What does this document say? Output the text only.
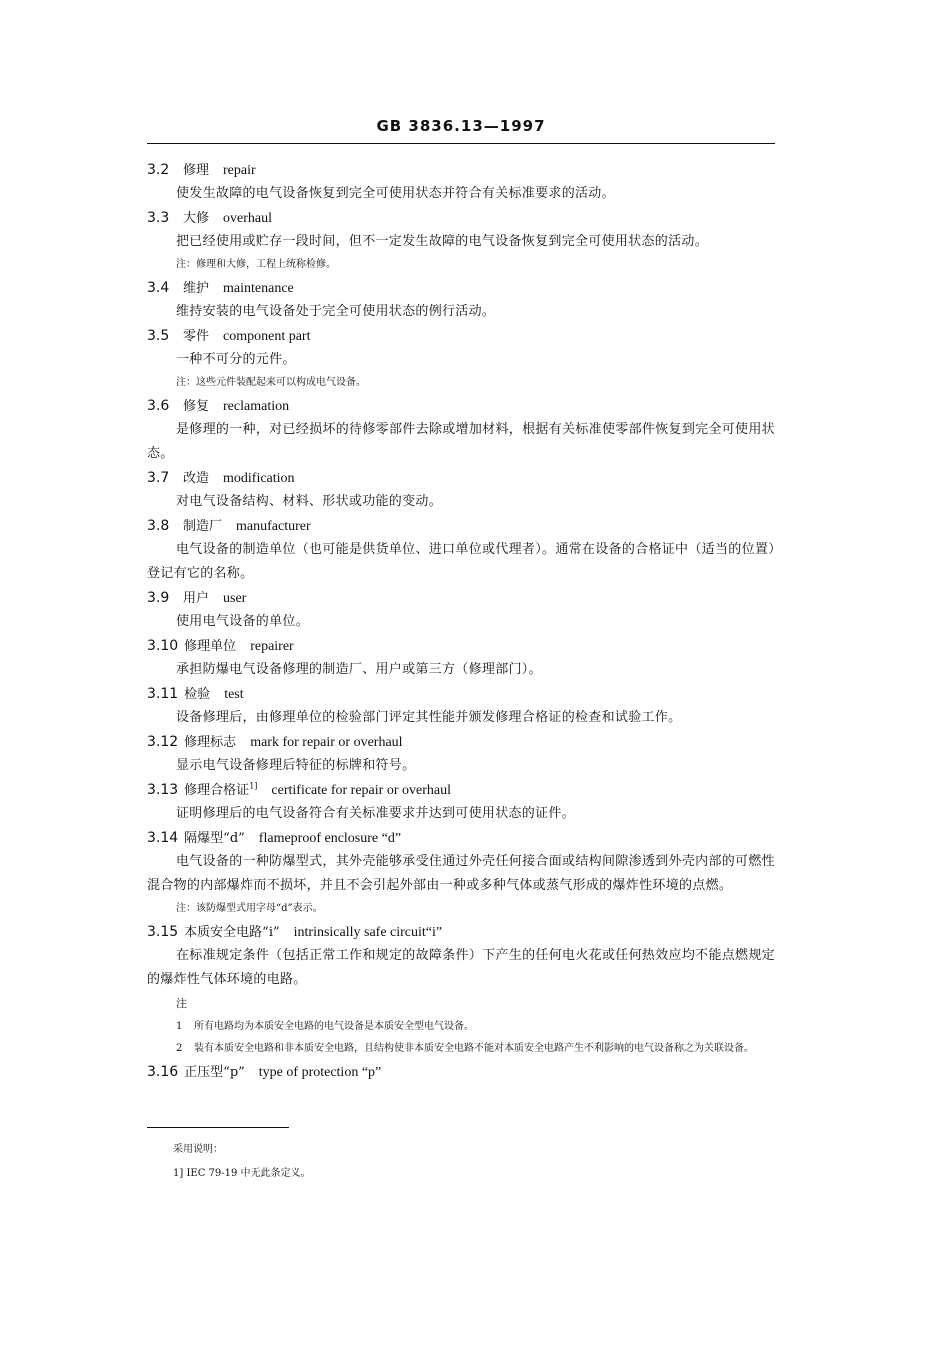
GB 3836.13—1997
3.2 修理 repair
使发生故障的电气设备恢复到完全可使用状态并符合有关标准要求的活动。
3.3 大修 overhaul
把已经使用或贮存一段时间，但不一定发生故障的电气设备恢复到完全可使用状态的活动。
注：修理和大修，工程上统称检修。
3.4 维护 maintenance
维持安装的电气设备处于完全可使用状态的例行活动。
3.5 零件 component part
一种不可分的元件。
注：这些元件装配起来可以构成电气设备。
3.6 修复 reclamation
是修理的一种，对已经损坏的待修零部件去除或增加材料，根据有关标准使零部件恢复到完全可使用状态。
3.7 改造 modification
对电气设备结构、材料、形状或功能的变动。
3.8 制造厂 manufacturer
电气设备的制造单位（也可能是供货单位、进口单位或代理者）。通常在设备的合格证中（适当的位置）登记有它的名称。
3.9 用户 user
使用电气设备的单位。
3.10 修理单位 repairer
承担防爆电气设备修理的制造厂、用户或第三方（修理部门）。
3.11 检验 test
设备修理后，由修理单位的检验部门评定其性能并颁发修理合格证的检查和试验工作。
3.12 修理标志 mark for repair or overhaul
显示电气设备修理后特征的标牌和符号。
3.13 修理合格证$^{1]}$ certificate for repair or overhaul
证明修理后的电气设备符合有关标准要求并达到可使用状态的证件。
3.14 隔爆型“d” flameproof enclosure “d”
电气设备的一种防爆型式，其外壳能够承受住通过外壳任何接合面或结构间隙渗透到外壳内部的可燃性混合物的内部爆炸而不损坏，并且不会引起外部由一种或多种气体或蒸气形成的爆炸性环境的点燃。
注：该防爆型式用字母“d”表示。
3.15 本质安全电路“i” intrinsically safe circuit“i”
在标准规定条件（包括正常工作和规定的故障条件）下产生的任何电火花或任何热效应均不能点燃规定的爆炸性气体环境的电路。
注
1	所有电路均为本质安全电路的电气设备是本质安全型电气设备。
2	装有本质安全电路和非本质安全电路，且结构使非本质安全电路不能对本质安全电路产生不利影响的电气设备称之为关联设备。
3.16 正压型“p” type of protection “p”
采用说明：
1] IEC 79-19 中无此条定义。
